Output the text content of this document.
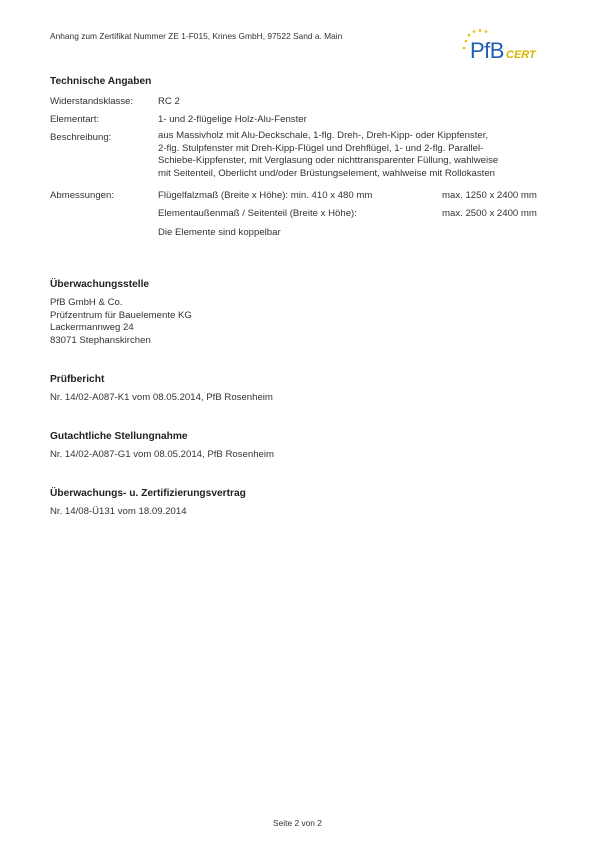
Anhang zum Zertifikat Nummer ZE 1-F015, Krines GmbH, 97522 Sand a. Main
PfB CERT
Technische Angaben
Widerstandsklasse:	RC 2
Elementart:	1- und 2-flügelige Holz-Alu-Fenster
Beschreibung:	aus Massivholz mit Alu-Deckschale, 1-flg. Dreh-, Dreh-Kipp- oder Kippfenster,
2-flg. Stulpfenster mit Dreh-Kipp-Flügel und Drehflügel, 1- und 2-flg. Parallel-
Schiebe-Kippfenster, mit Verglasung oder nichttransparenter Füllung, wahlweise
mit Seitenteil, Oberlicht und/oder Brüstungselement, wahlweise mit Rollokasten
Abmessungen:	Flügelfalzmaß (Breite x Höhe): min. 410 x 480 mm	max. 1250 x 2400 mm
Elementaußenmaß / Seitenteil (Breite x Höhe):	max. 2500 x 2400 mm
Die Elemente sind koppelbar
Überwachungsstelle
PfB GmbH & Co.
Prüfzentrum für Bauelemente KG
Lackermannweg 24
83071 Stephanskirchen
Prüfbericht
Nr. 14/02-A087-K1 vom 08.05.2014, PfB Rosenheim
Gutachtliche Stellungnahme
Nr. 14/02-A087-G1 vom 08.05.2014, PfB Rosenheim
Überwachungs- u. Zertifizierungsvertrag
Nr. 14/08-Ü131 vom 18.09.2014
Seite 2 von 2
